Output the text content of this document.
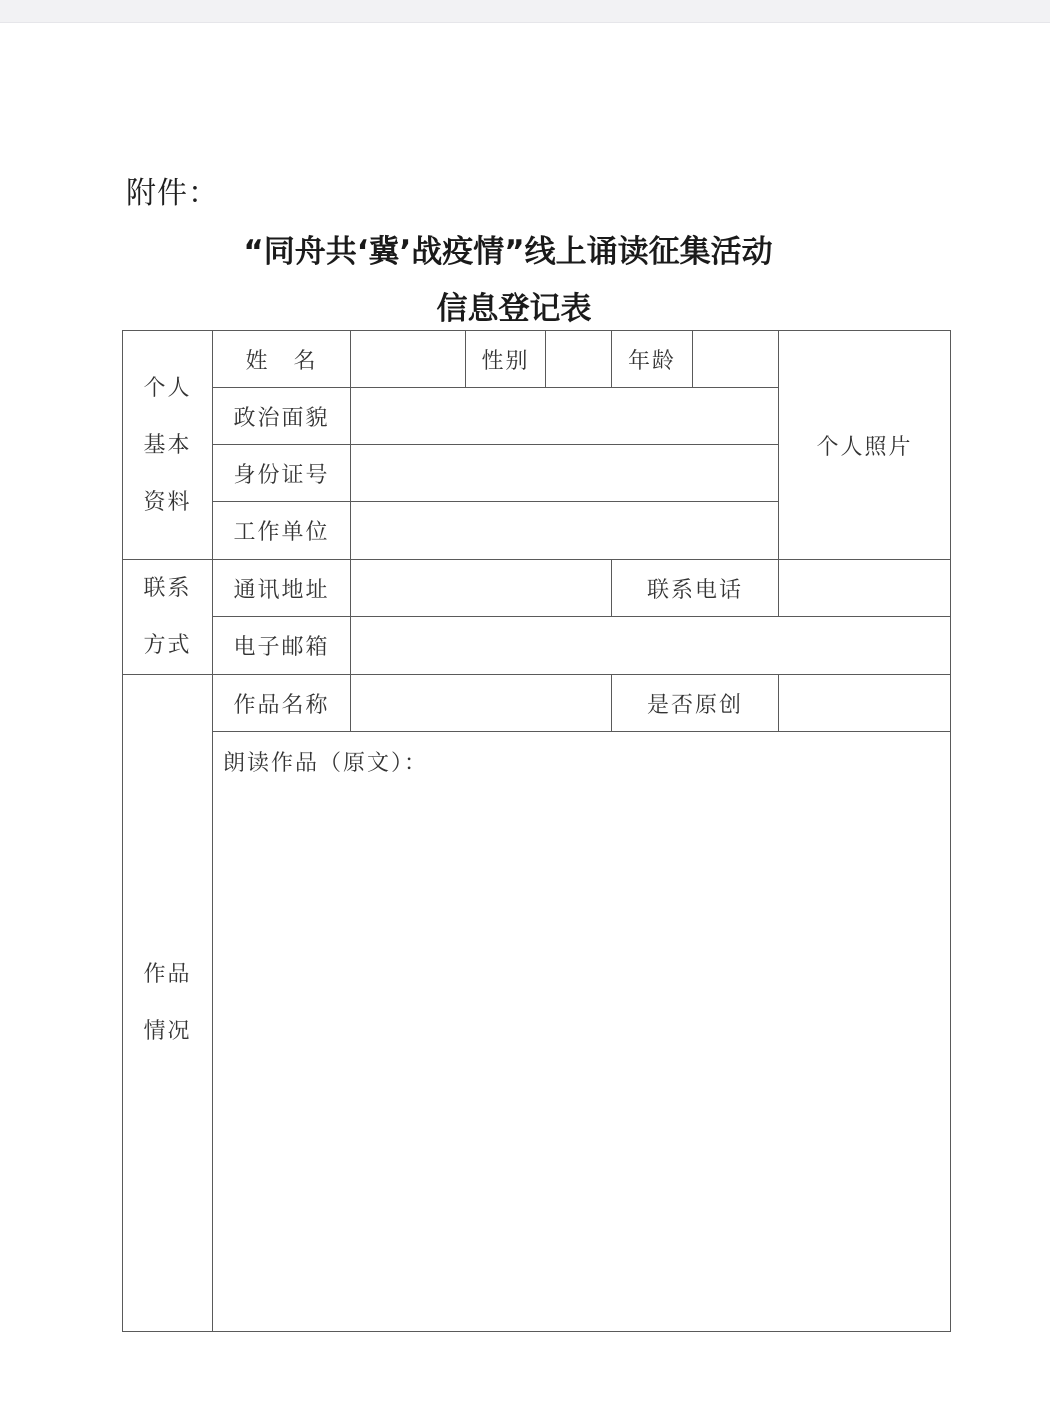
附件：
“同舟共‘冀’战疫情”线上诵读征集活动
信息登记表
个人
基本
资料	姓　名		性别		年龄		个人照片
	政治面貌						
	身份证号						
	工作单位						

联系
方式	通讯地址				联系电话		
	电子邮箱						

作品
情况	作品名称				是否原创		
	朗读作品（原文）：						
